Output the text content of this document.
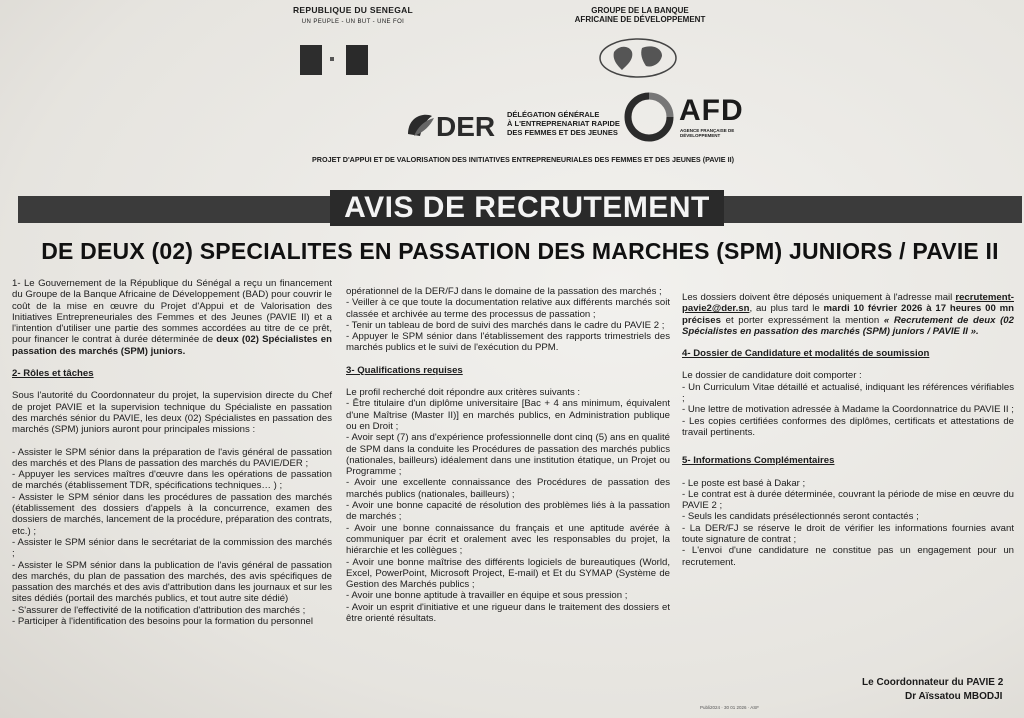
REPUBLIQUE DU SENEGAL
UN PEUPLE - UN BUT - UNE FOI
GROUPE DE LA BANQUE
AFRICAINE DE DÉVELOPPEMENT
DER DÉLÉGATION GÉNÉRALE
À L'ENTREPRENARIAT RAPIDE
DES FEMMES ET DES JEUNES
AFD
AGENCE FRANÇAISE DE DÉVELOPPEMENT
PROJET D'APPUI ET DE VALORISATION DES INITIATIVES ENTREPRENEURIALES DES FEMMES ET DES JEUNES (PAVIE II)
AVIS DE RECRUTEMENT
DE DEUX (02) SPECIALITES EN PASSATION DES MARCHES (SPM) JUNIORS / PAVIE II

1- Le Gouvernement de la République du Sénégal a reçu un financement du Groupe de la Banque Africaine de Développement (BAD) pour couvrir le coût de la mise en œuvre du Projet d'Appui et de Valorisation des Initiatives Entrepreneuriales des Femmes et des Jeunes (PAVIE II) et a l'intention d'utiliser une partie des sommes accordées au titre de ce prêt, pour financer le contrat à durée déterminée de deux (02) Spécialistes en passation des marchés (SPM) juniors.

2- Rôles et tâches

Sous l'autorité du Coordonnateur du projet, la supervision directe du Chef de projet PAVIE et la supervision technique du Spécialiste en passation des marchés sénior du PAVIE, les deux (02) Spécialistes en passation des marchés (SPM) juniors auront pour principales missions :

- Assister le SPM sénior dans la préparation de l'avis général de passation des marchés et des Plans de passation des marchés du PAVIE/DER ;

- Appuyer les services maîtres d'œuvre dans les opérations de passation de marchés (établissement TDR, spécifications techniques… ) ;

- Assister le SPM sénior dans les procédures de passation des marchés (établissement des dossiers d'appels à la concurrence, examen des dossiers de marchés, lancement de la procédure, préparation des contrats, etc.) ;

- Assister le SPM sénior dans le secrétariat de la commission des marchés ;

- Assister le SPM sénior dans la publication de l'avis général de passation des marchés, du plan de passation des marchés, des avis spécifiques de passation des marchés et des avis d'attribution dans les journaux et sur les sites dédiés (portail des marchés publics, et tout autre site dédié)

- S'assurer de l'effectivité de la notification d'attribution des marchés ;

- Participer à l'identification des besoins pour la formation du personnel

opérationnel de la DER/FJ dans le domaine de la passation des marchés ;

- Veiller à ce que toute la documentation relative aux différents marchés soit classée et archivée au terme des processus de passation ;

- Tenir un tableau de bord de suivi des marchés dans le cadre du PAVIE 2 ;

- Appuyer le SPM sénior dans l'établissement des rapports trimestriels des marchés publics et le suivi de l'exécution du PPM.

3- Qualifications requises

Le profil recherché doit répondre aux critères suivants :

- Être titulaire d'un diplôme universitaire [Bac + 4 ans minimum, équivalent d'une Maîtrise (Master II)] en marchés publics, en Administration publique ou en Droit ;

- Avoir sept (7) ans d'expérience professionnelle dont cinq (5) ans en qualité de SPM dans la conduite les Procédures de passation des marchés publics (nationales, bailleurs) idéalement dans une institution étatique, un Projet ou Programme ;

- Avoir une excellente connaissance des Procédures de passation des marchés publics (nationales, bailleurs) ;

- Avoir une bonne capacité de résolution des problèmes liés à la passation de marchés ;

- Avoir une bonne connaissance du français et une aptitude avérée à communiquer par écrit et oralement avec les responsables du projet, la hiérarchie et les collègues ;

- Avoir une bonne maîtrise des différents logiciels de bureautiques (World, Excel, PowerPoint, Microsoft Project, E-mail) et Et du SYMAP (Système de Gestion des Marchés publics ;

- Avoir une bonne aptitude à travailler en équipe et sous pression ;

- Avoir un esprit d'initiative et une rigueur dans le traitement des dossiers et être orienté résultats.

Les dossiers doivent être déposés uniquement à l'adresse mail recrutement-pavie2@der.sn, au plus tard le mardi 10 février 2026 à 17 heures 00 mn précises et porter expressément la mention « Recrutement de deux (02 Spécialistes en passation des marchés (SPM) juniors / PAVIE II ».

4- Dossier de Candidature et modalités de soumission

Le dossier de candidature doit comporter :

- Un Curriculum Vitae détaillé et actualisé, indiquant les références vérifiables ;

- Une lettre de motivation adressée à Madame la Coordonnatrice du PAVIE II ;

- Les copies certifiées conformes des diplômes, certificats et attestations de travail pertinents.

5- Informations Complémentaires

- Le poste est basé à Dakar ;

- Le contrat est à durée déterminée, couvrant la période de mise en œuvre du PAVIE 2 ;

- Seuls les candidats présélectionnés seront contactés ;

- La DER/FJ se réserve le droit de vérifier les informations fournies avant toute signature de contrat ;

- L'envoi d'une candidature ne constitue pas un engagement pour un recrutement.

Le Coordonnateur du PAVIE 2
Dr Aïssatou MBODJI
Publi2024 · 30 01 2026 · ASF
